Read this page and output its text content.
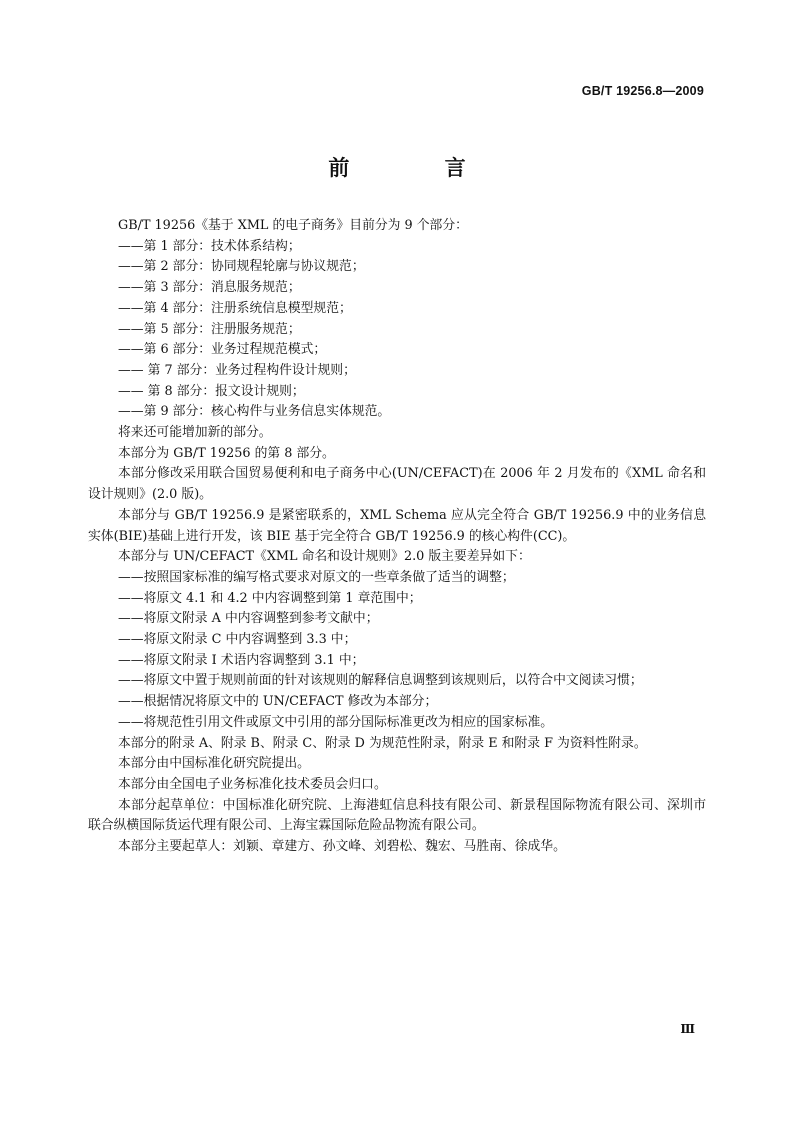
GB/T 19256.8—2009
前 言

GB/T 19256《基于 XML 的电子商务》目前分为 9 个部分：

——第 1 部分：技术体系结构；

——第 2 部分：协同规程轮廓与协议规范；

——第 3 部分：消息服务规范；

——第 4 部分：注册系统信息模型规范；

——第 5 部分：注册服务规范；

——第 6 部分：业务过程规范模式；

—— 第 7 部分：业务过程构件设计规则；

—— 第 8 部分：报文设计规则；

——第 9 部分：核心构件与业务信息实体规范。

将来还可能增加新的部分。

本部分为 GB/T 19256 的第 8 部分。

本部分修改采用联合国贸易便利和电子商务中心(UN/CEFACT)在 2006 年 2 月发布的《XML 命名和设计规则》(2.0 版)。

本部分与 GB/T 19256.9 是紧密联系的，XML Schema 应从完全符合 GB/T 19256.9 中的业务信息实体(BIE)基础上进行开发，该 BIE 基于完全符合 GB/T 19256.9 的核心构件(CC)。

本部分与 UN/CEFACT《XML 命名和设计规则》2.0 版主要差异如下：

——按照国家标准的编写格式要求对原文的一些章条做了适当的调整；

——将原文 4.1 和 4.2 中内容调整到第 1 章范围中；

——将原文附录 A 中内容调整到参考文献中；

——将原文附录 C 中内容调整到 3.3 中；

——将原文附录 I 术语内容调整到 3.1 中；

——将原文中置于规则前面的针对该规则的解释信息调整到该规则后，以符合中文阅读习惯；

——根据情况将原文中的 UN/CEFACT 修改为本部分；

——将规范性引用文件或原文中引用的部分国际标准更改为相应的国家标准。

本部分的附录 A、附录 B、附录 C、附录 D 为规范性附录，附录 E 和附录 F 为资料性附录。

本部分由中国标准化研究院提出。

本部分由全国电子业务标准化技术委员会归口。

本部分起草单位：中国标准化研究院、上海港虹信息科技有限公司、新景程国际物流有限公司、深圳市联合纵横国际货运代理有限公司、上海宝霖国际危险品物流有限公司。

本部分主要起草人：刘颖、章建方、孙文峰、刘碧松、魏宏、马胜南、徐成华。

Ⅲ
